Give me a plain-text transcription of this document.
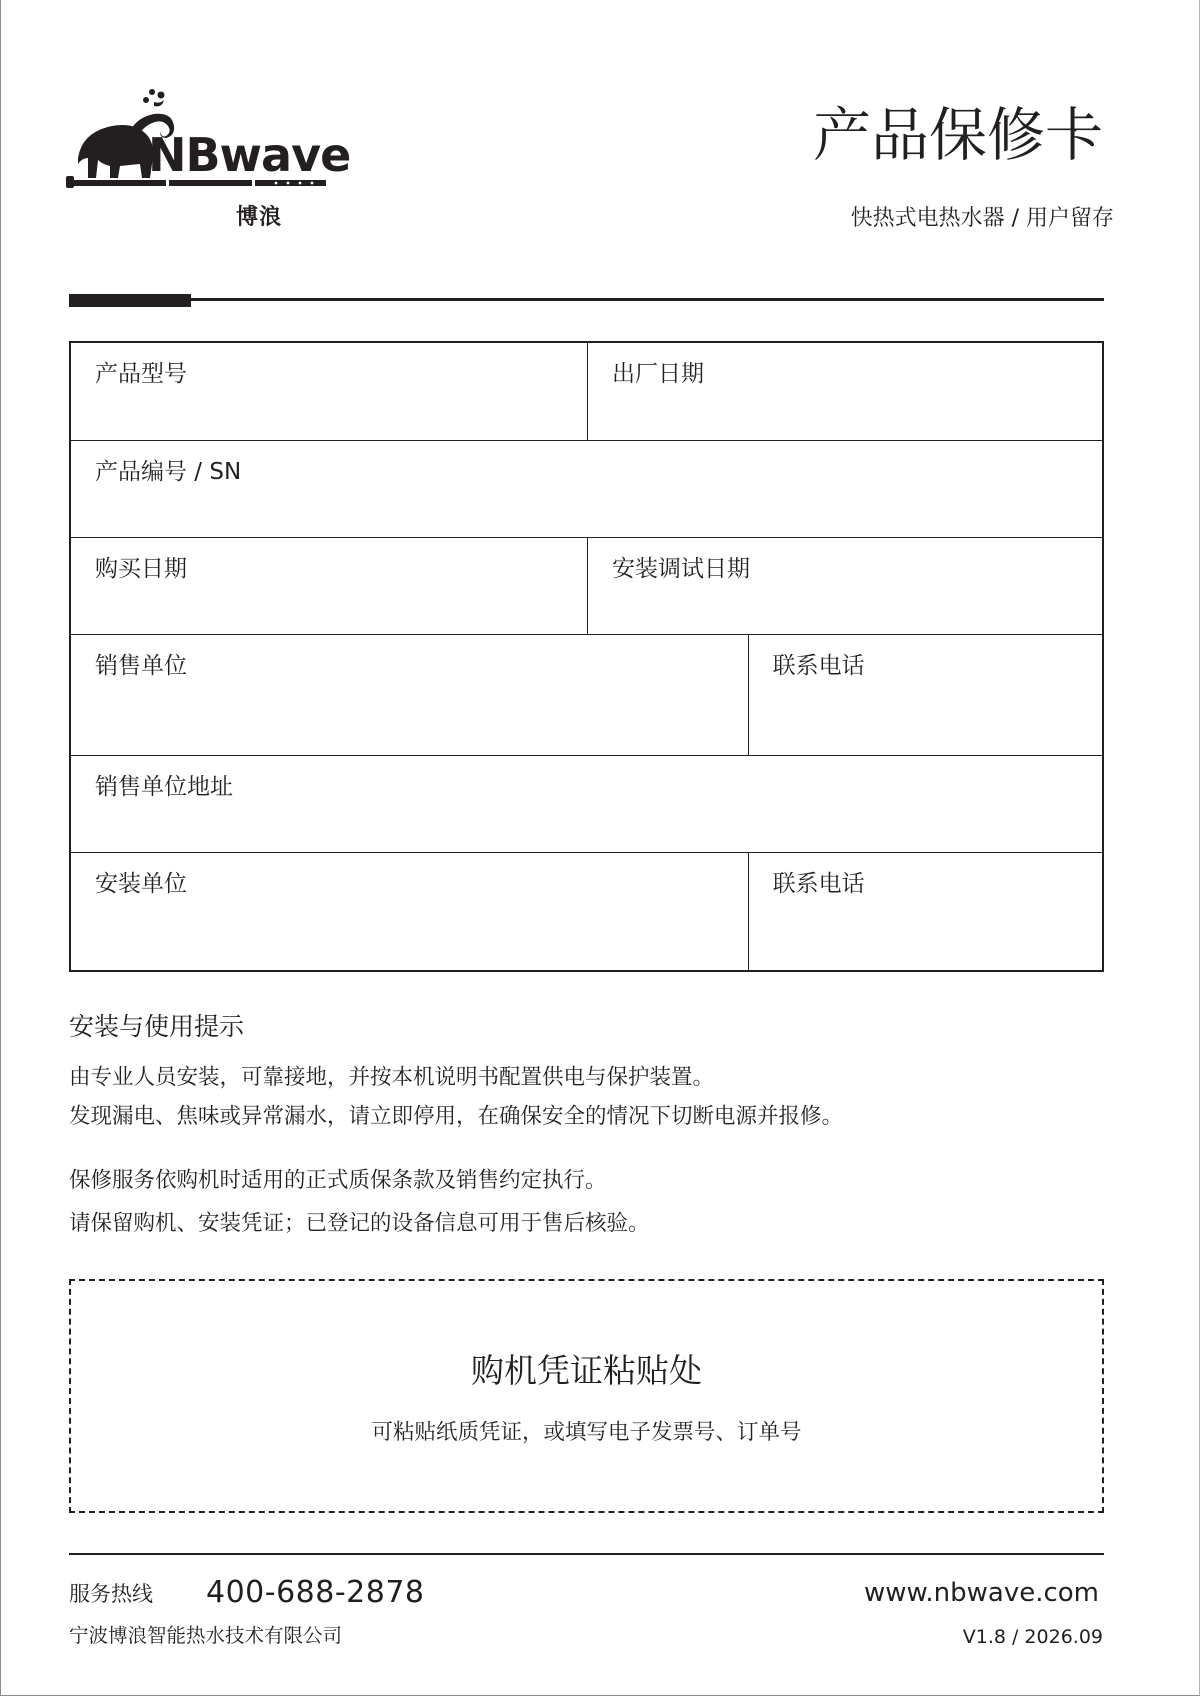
NBwave
博浪
产品保修卡
快热式电热水器 / 用户留存
产品型号	出厂日期
产品编号 / SN
购买日期	安装调试日期
销售单位	联系电话
销售单位地址
安装单位	联系电话
安装与使用提示
由专业人员安装，可靠接地，并按本机说明书配置供电与保护装置。
发现漏电、焦味或异常漏水，请立即停用，在确保安全的情况下切断电源并报修。
保修服务依购机时适用的正式质保条款及销售约定执行。
请保留购机、安装凭证；已登记的设备信息可用于售后核验。
购机凭证粘贴处
可粘贴纸质凭证，或填写电子发票号、订单号
服务热线 400-688-2878	www.nbwave.com
宁波博浪智能热水技术有限公司	V1.8 / 2026.09
